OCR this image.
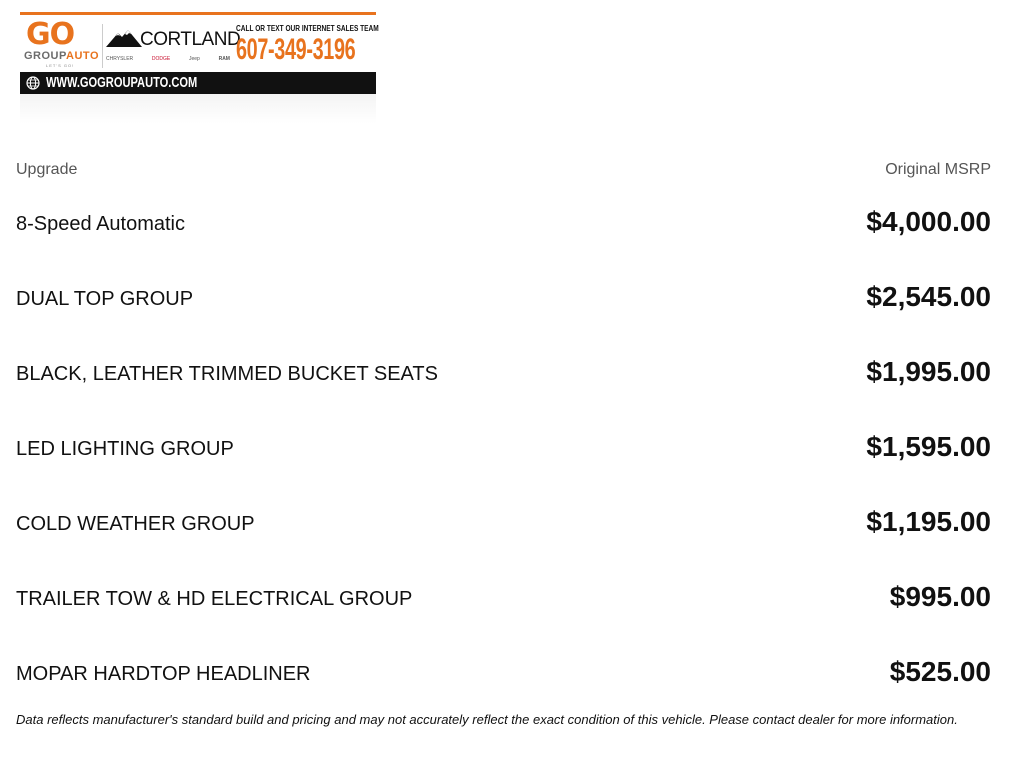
GO
GROUPAUTO
LET'S GO!
CORTLAND
CHRYSLER	DODGE	Jeep	RAM
CALL OR TEXT OUR INTERNET SALES TEAM
607-349-3196
WWW.GOGROUPAUTO.COM
Upgrade	Original MSRP
8-Speed Automatic	$4,000.00
DUAL TOP GROUP	$2,545.00
BLACK, LEATHER TRIMMED BUCKET SEATS	$1,995.00
LED LIGHTING GROUP	$1,595.00
COLD WEATHER GROUP	$1,195.00
TRAILER TOW & HD ELECTRICAL GROUP	$995.00
MOPAR HARDTOP HEADLINER	$525.00
Data reflects manufacturer's standard build and pricing and may not accurately reflect the exact condition of this vehicle. Please contact dealer for more information.
